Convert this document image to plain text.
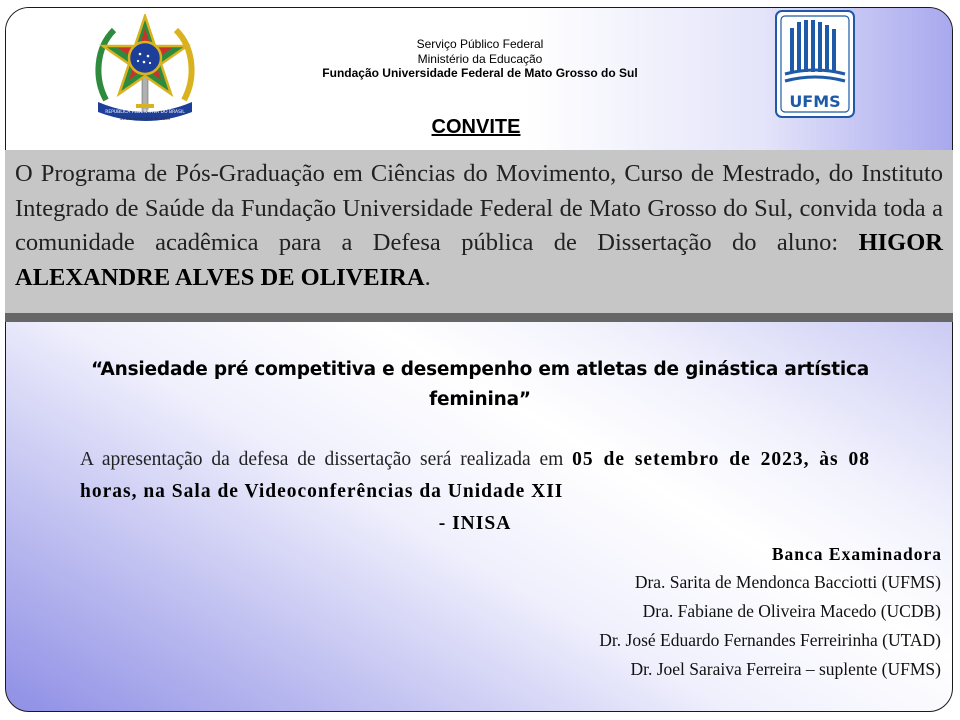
REPUBLICA FEDERATIVA DO BRASIL
15 de novembro de 1889
UFMS
Serviço Público Federal
Ministério da Educação
Fundação Universidade Federal de Mato Grosso do Sul
CONVITE

O Programa de Pós-Graduação em Ciências do Movimento, Curso de Mestrado, do Instituto Integrado de Saúde da Fundação Universidade Federal de Mato Grosso do Sul, convida toda a comunidade acadêmica para a Defesa pública de Dissertação do aluno: HIGOR ALEXANDRE ALVES DE OLIVEIRA.

“Ansiedade pré competitiva e desempenho em atletas de ginástica artística feminina”

A apresentação da defesa de dissertação será realizada em 05 de setembro de 2023, às 08 horas, na Sala de Videoconferências da Unidade XII
- INISA

Banca Examinadora
Dra. Sarita de Mendonca Bacciotti (UFMS)
Dra. Fabiane de Oliveira Macedo (UCDB)
Dr. José Eduardo Fernandes Ferreirinha (UTAD)
Dr. Joel Saraiva Ferreira – suplente (UFMS)
